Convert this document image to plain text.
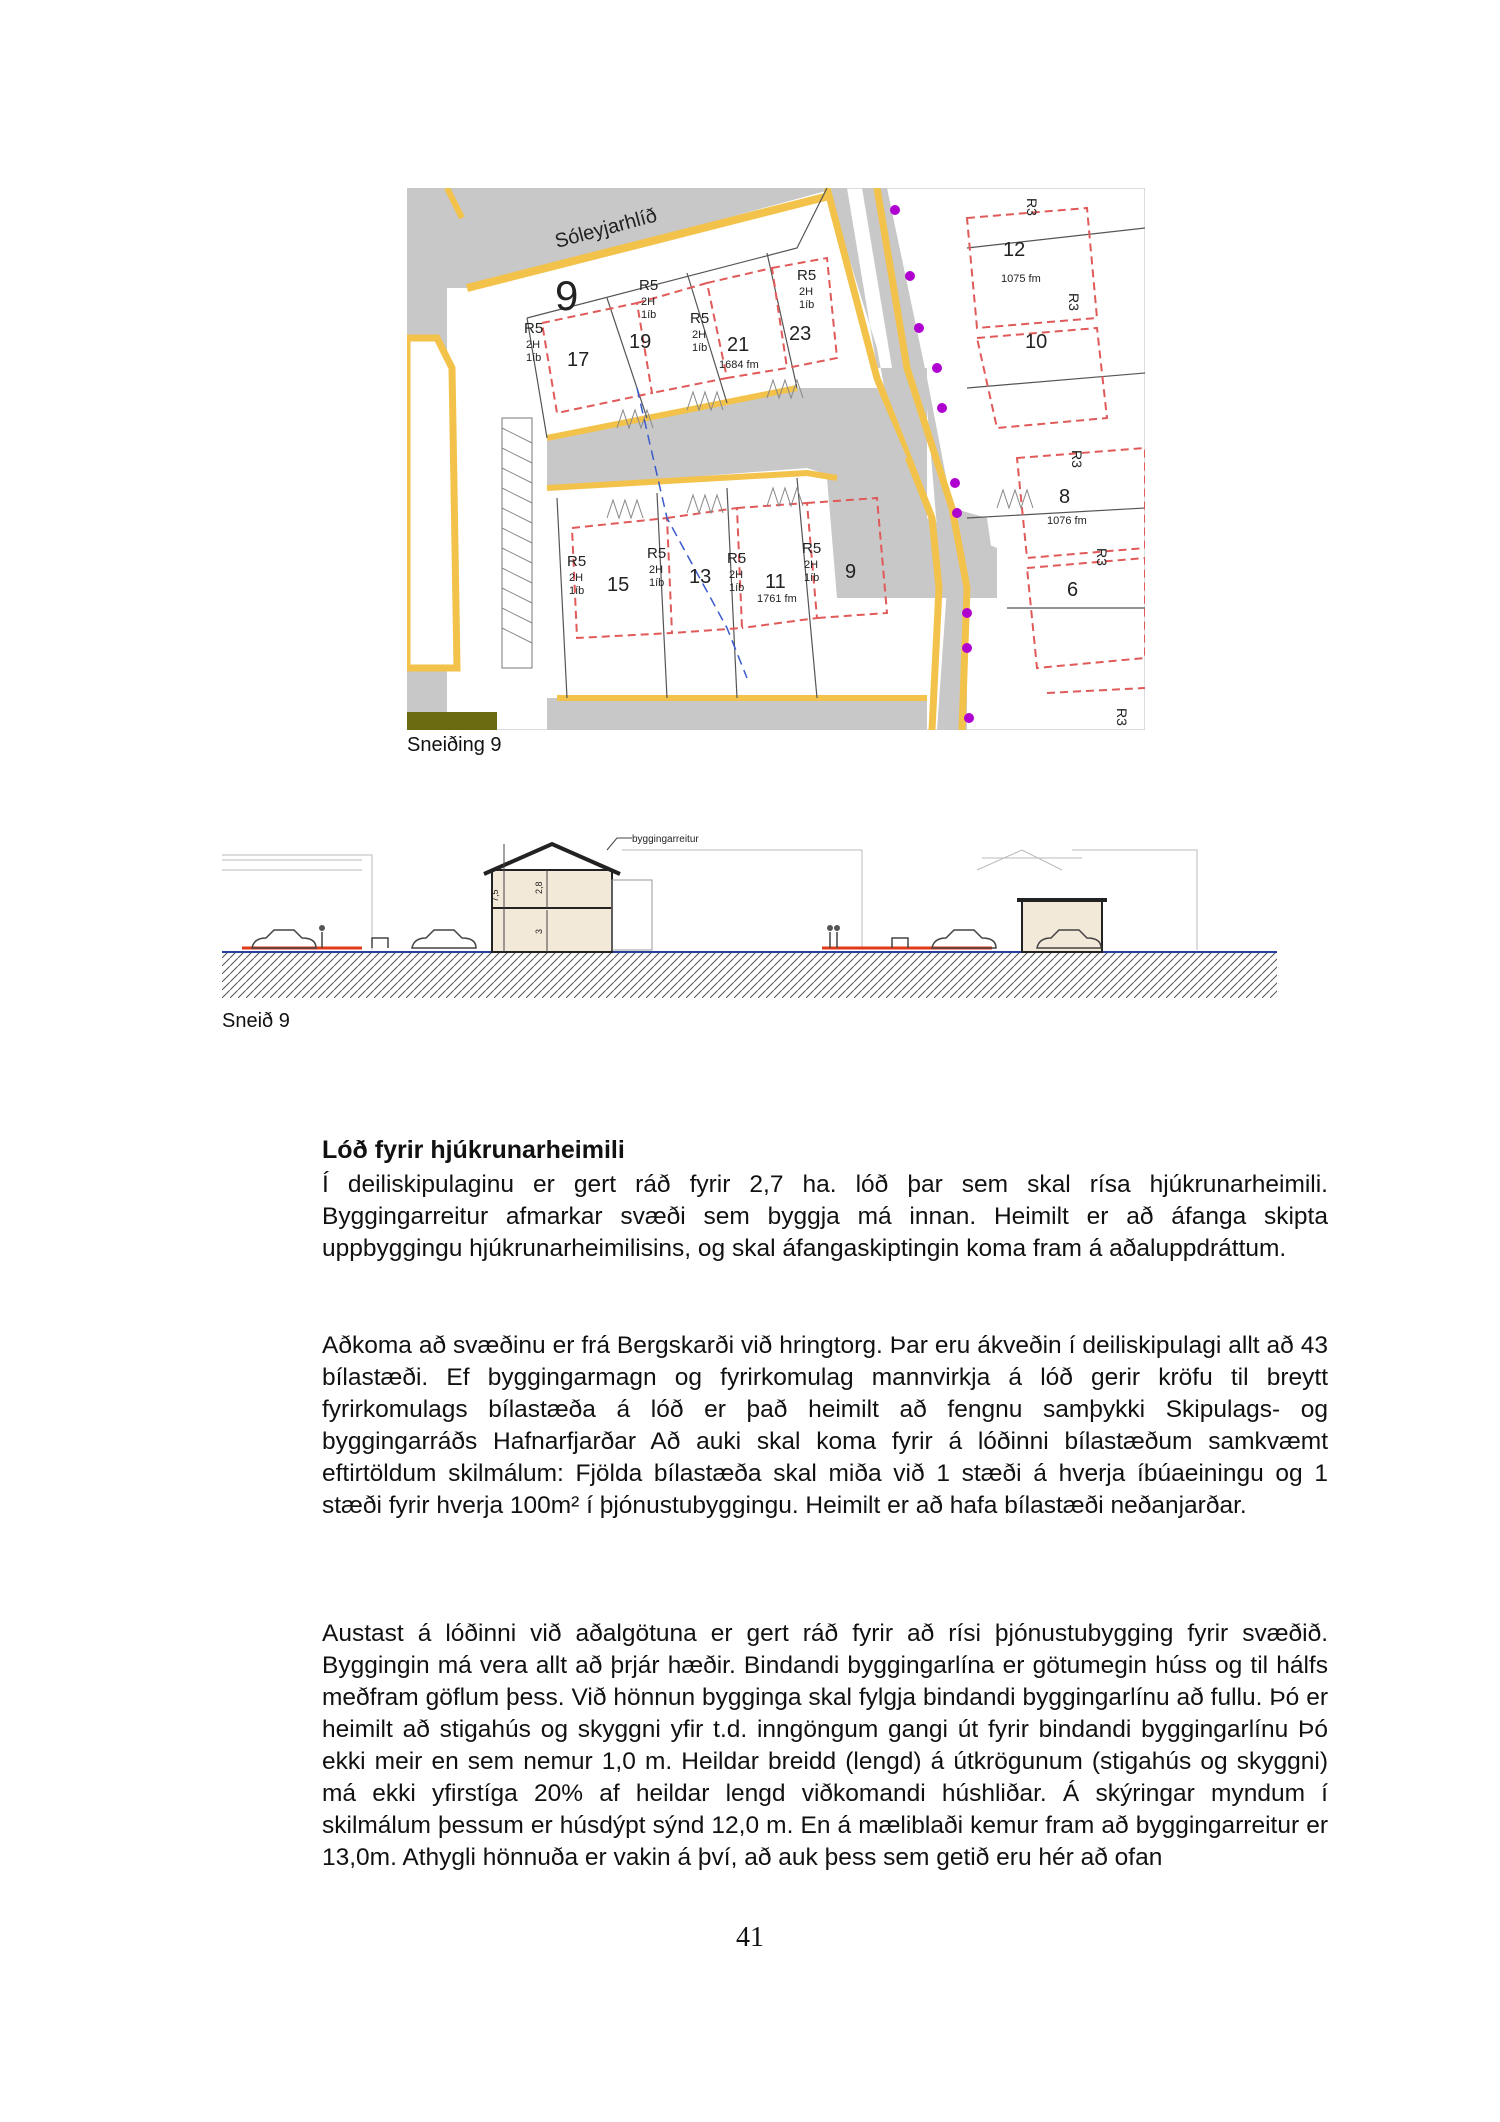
Sóleyjarhlíð
9
R5
2H
1íb
R5
2H
1íb R5
2H
1íb
R5
2H
1íb
R5
2H
1íb
R5
2H
1íb
R5
2H
1íb
R5
2H
1íb
17
19	21 23
15	13	11	9
12
10
8
6
1684 fm
1761 fm
1075 fm
1076 fm
R3
R3
R3
R3
R3
Sneiðing 9
7,5
2,8
3
byggingarreitur
Sneið 9
Lóð fyrir hjúkrunarheimili

Í deiliskipulaginu er gert ráð fyrir 2,7 ha. lóð þar sem skal rísa hjúkrunarheimili. Byggingarreitur afmarkar svæði sem byggja má innan. Heimilt er að áfanga skipta uppbyggingu hjúkrunarheimilisins, og skal áfangaskiptingin koma fram á aðaluppdráttum.

Aðkoma að svæðinu er frá Bergskarði við hringtorg. Þar eru ákveðin í deiliskipulagi allt að 43 bílastæði. Ef byggingarmagn og fyrirkomulag mannvirkja á lóð gerir kröfu til breytt fyrirkomulags bílastæða á lóð er það heimilt að fengnu samþykki Skipulags- og byggingarráðs Hafnarfjarðar Að auki skal koma fyrir á lóðinni bílastæðum samkvæmt eftirtöldum skilmálum: Fjölda bílastæða skal miða við 1 stæði á hverja íbúaeiningu og 1 stæði fyrir hverja 100m² í þjónustubyggingu. Heimilt er að hafa bílastæði neðanjarðar.

Austast á lóðinni við aðalgötuna er gert ráð fyrir að rísi þjónustubygging fyrir svæðið. Byggingin má vera allt að þrjár hæðir. Bindandi byggingarlína er götumegin húss og til hálfs meðfram göflum þess. Við hönnun bygginga skal fylgja bindandi byggingarlínu að fullu. Þó er heimilt að stigahús og skyggni yfir t.d. inngöngum gangi út fyrir bindandi byggingarlínu Þó ekki meir en sem nemur 1,0 m. Heildar breidd (lengd) á útkrögunum (stigahús og skyggni) má ekki yfirstíga 20% af heildar lengd viðkomandi húshliðar. Á skýringar myndum í skilmálum þessum er húsdýpt sýnd 12,0 m. En á mæliblaði kemur fram að byggingarreitur er 13,0m. Athygli hönnuða er vakin á því, að auk þess sem getið eru hér að ofan

41
